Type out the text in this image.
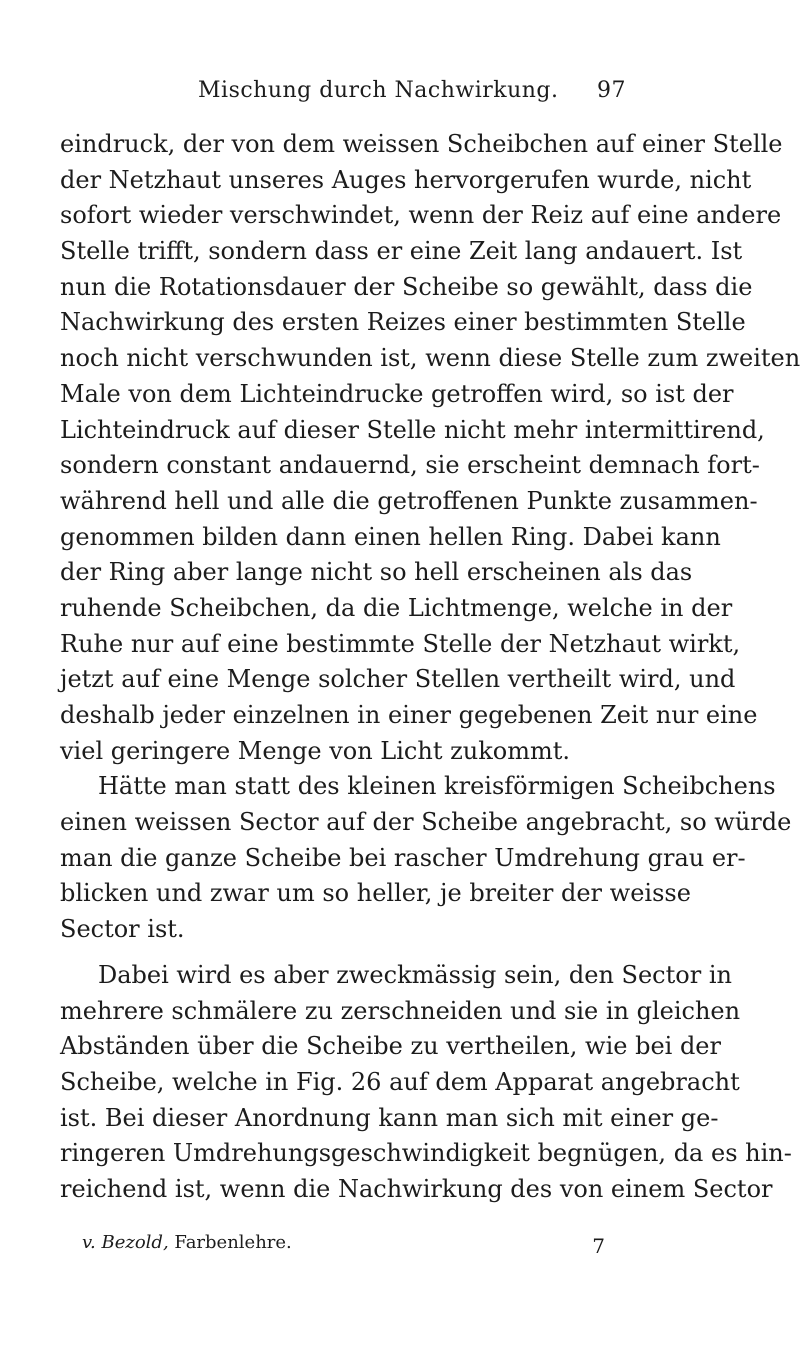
Mischung durch Nachwirkung. 97
eindruck, der von dem weissen Scheibchen auf einer Stelle
der Netzhaut unseres Auges hervorgerufen wurde, nicht
sofort wieder verschwindet, wenn der Reiz auf eine andere
Stelle trifft, sondern dass er eine Zeit lang andauert. Ist
nun die Rotationsdauer der Scheibe so gewählt, dass die
Nachwirkung des ersten Reizes einer bestimmten Stelle
noch nicht verschwunden ist, wenn diese Stelle zum zweiten
Male von dem Lichteindrucke getroffen wird, so ist der
Lichteindruck auf dieser Stelle nicht mehr intermittirend,
sondern constant andauernd, sie erscheint demnach fort-
während hell und alle die getroffenen Punkte zusammen-
genommen bilden dann einen hellen Ring. Dabei kann
der Ring aber lange nicht so hell erscheinen als das
ruhende Scheibchen, da die Lichtmenge, welche in der
Ruhe nur auf eine bestimmte Stelle der Netzhaut wirkt,
jetzt auf eine Menge solcher Stellen vertheilt wird, und
deshalb jeder einzelnen in einer gegebenen Zeit nur eine
viel geringere Menge von Licht zukommt.
Hätte man statt des kleinen kreisförmigen Scheibchens
einen weissen Sector auf der Scheibe angebracht, so würde
man die ganze Scheibe bei rascher Umdrehung grau er-
blicken und zwar um so heller, je breiter der weisse
Sector ist.
Dabei wird es aber zweckmässig sein, den Sector in
mehrere schmälere zu zerschneiden und sie in gleichen
Abständen über die Scheibe zu vertheilen, wie bei der
Scheibe, welche in Fig. 26 auf dem Apparat angebracht
ist. Bei dieser Anordnung kann man sich mit einer ge-
ringeren Umdrehungsgeschwindigkeit begnügen, da es hin-
reichend ist, wenn die Nachwirkung des von einem Sector
v. Bezold, Farbenlehre.	7
